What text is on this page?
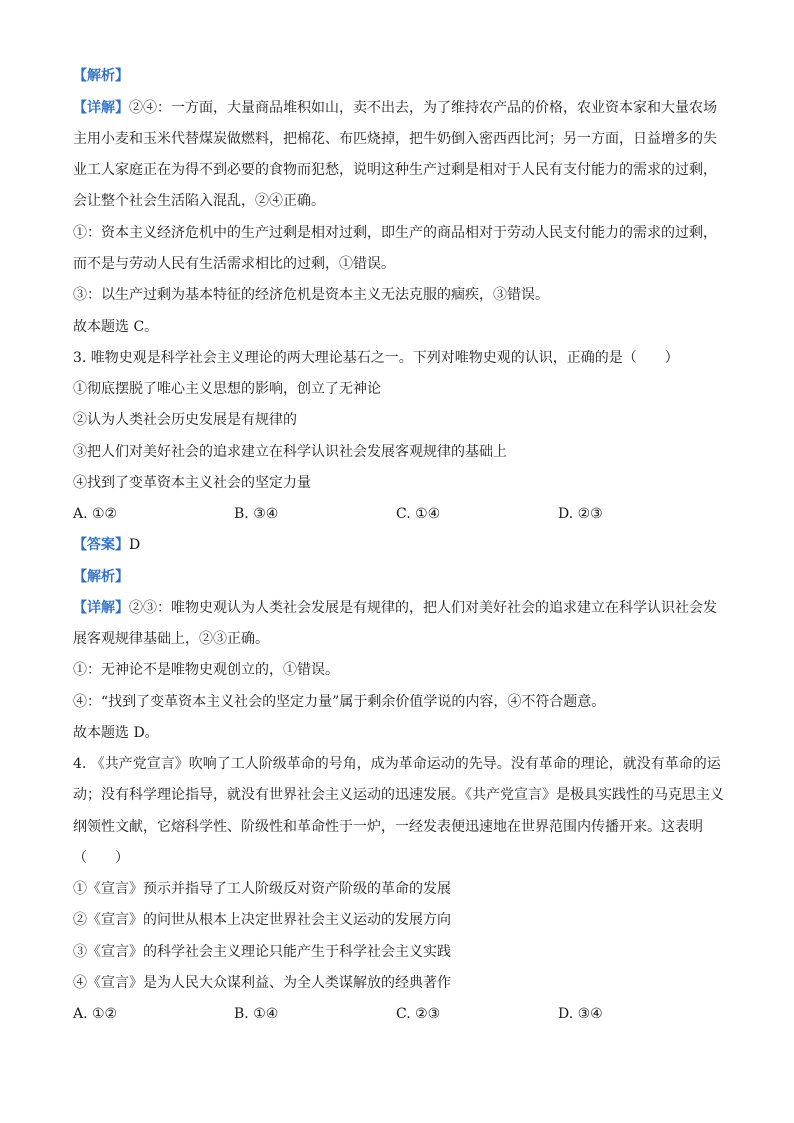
【解析】
【详解】②④：一方面，大量商品堆积如山，卖不出去，为了维持农产品的价格，农业资本家和大量农场
主用小麦和玉米代替煤炭做燃料，把棉花、布匹烧掉，把牛奶倒入密西西比河；另一方面，日益增多的失
业工人家庭正在为得不到必要的食物而犯愁，说明这种生产过剩是相对于人民有支付能力的需求的过剩，
会让整个社会生活陷入混乱，②④正确。
①：资本主义经济危机中的生产过剩是相对过剩，即生产的商品相对于劳动人民支付能力的需求的过剩，
而不是与劳动人民有生活需求相比的过剩，①错误。
③：以生产过剩为基本特征的经济危机是资本主义无法克服的痼疾，③错误。
故本题选 C。
3. 唯物史观是科学社会主义理论的两大理论基石之一。下列对唯物史观的认识，正确的是（　　）
①彻底摆脱了唯心主义思想的影响，创立了无神论
②认为人类社会历史发展是有规律的
③把人们对美好社会的追求建立在科学认识社会发展客观规律的基础上
④找到了变革资本主义社会的坚定力量
A. ①②	B. ③④	C. ①④	D. ②③
【答案】D
【解析】
【详解】②③：唯物史观认为人类社会发展是有规律的，把人们对美好社会的追求建立在科学认识社会发
展客观规律基础上，②③正确。
①：无神论不是唯物史观创立的，①错误。
④：“找到了变革资本主义社会的坚定力量”属于剩余价值学说的内容，④不符合题意。
故本题选 D。
4. 《共产党宣言》吹响了工人阶级革命的号角，成为革命运动的先导。没有革命的理论，就没有革命的运
动；没有科学理论指导，就没有世界社会主义运动的迅速发展。《共产党宣言》是极具实践性的马克思主义
纲领性文献，它熔科学性、阶级性和革命性于一炉，一经发表便迅速地在世界范围内传播开来。这表明
（　　）
①《宣言》预示并指导了工人阶级反对资产阶级的革命的发展
②《宣言》的问世从根本上决定世界社会主义运动的发展方向
③《宣言》的科学社会主义理论只能产生于科学社会主义实践
④《宣言》是为人民大众谋利益、为全人类谋解放的经典著作
A. ①②	B. ①④	C. ②③	D. ③④
